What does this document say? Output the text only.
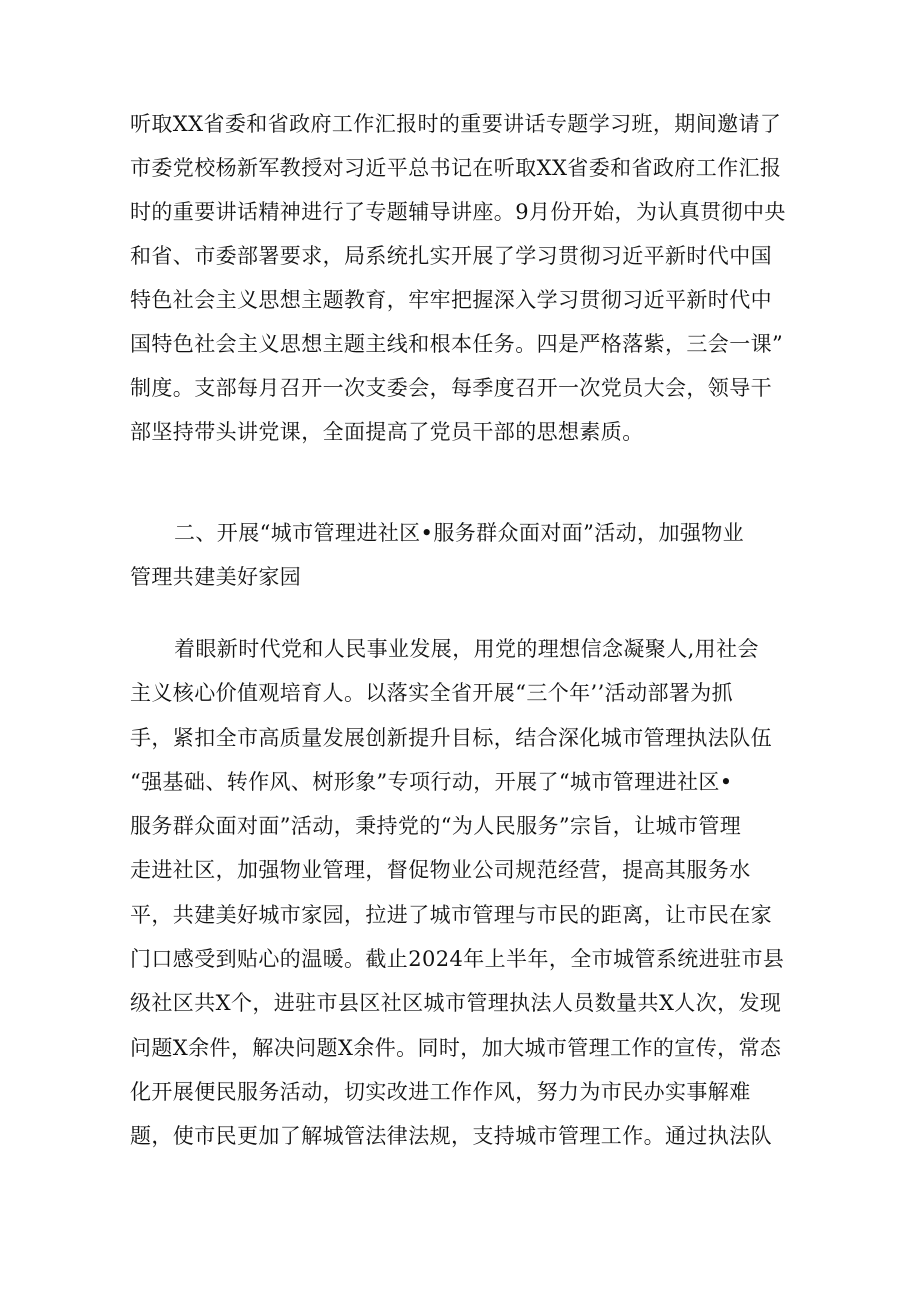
听取XX省委和省政府工作汇报时的重要讲话专题学习班，期间邀请了
市委党校杨新军教授对习近平总书记在听取XX省委和省政府工作汇报
时的重要讲话精神进行了专题辅导讲座。9月份开始，为认真贯彻中央
和省、市委部署要求，局系统扎实开展了学习贯彻习近平新时代中国
特色社会主义思想主题教育，牢牢把握深入学习贯彻习近平新时代中
国特色社会主义思想主题主线和根本任务。四是严格落紫，三会一课”
制度。支部每月召开一次支委会，每季度召开一次党员大会，领导干
部坚持带头讲党课，全面提高了党员干部的思想素质。
二、开展“城市管理进社区•服务群众面对面”活动，加强物业
管理共建美好家园
着眼新时代党和人民事业发展，用党的理想信念凝聚人,用社会
主义核心价值观培育人。以落实全省开展“三个年’’活动部署为抓
手，紧扣全市高质量发展创新提升目标，结合深化城市管理执法队伍
“强基础、转作风、树形象”专项行动，开展了“城市管理进社区•
服务群众面对面”活动，秉持党的“为人民服务”宗旨，让城市管理
走进社区，加强物业管理，督促物业公司规范经营，提高其服务水
平，共建美好城市家园，拉进了城市管理与市民的距离，让市民在家
门口感受到贴心的温暖。截止2024年上半年，全市城管系统进驻市县
级社区共X个，进驻市县区社区城市管理执法人员数量共X人次，发现
问题X余件，解决问题X余件。同时，加大城市管理工作的宣传，常态
化开展便民服务活动，切实改进工作作风，努力为市民办实事解难
题，使市民更加了解城管法律法规，支持城市管理工作。通过执法队
